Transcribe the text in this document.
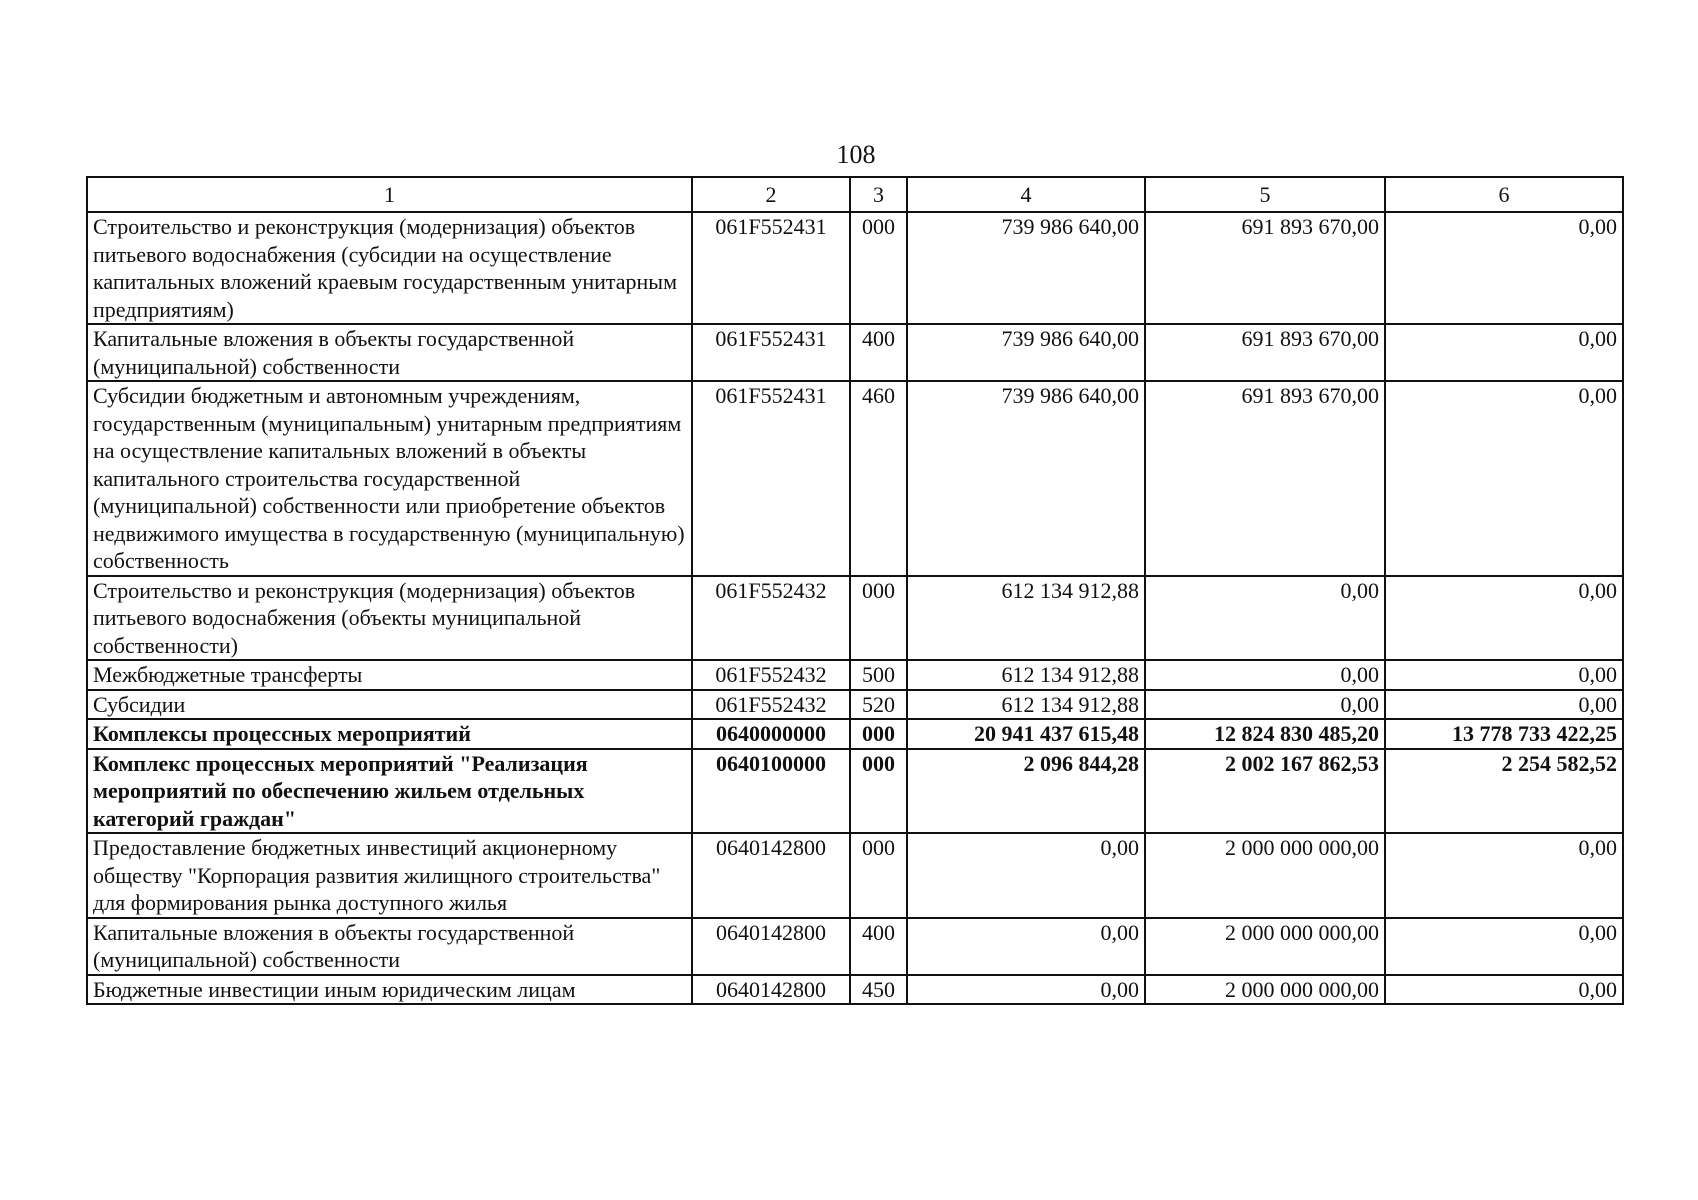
108
1	2	3	4	5	6
Строительство и реконструкция (модернизация) объектов питьевого водоснабжения (субсидии на осуществление капитальных вложений краевым государственным унитарным предприятиям)	061F552431	000	739 986 640,00	691 893 670,00	0,00
Капитальные вложения в объекты государственной (муниципальной) собственности	061F552431	400	739 986 640,00	691 893 670,00	0,00
Субсидии бюджетным и автономным учреждениям, государственным (муниципальным) унитарным предприятиям на осуществление капитальных вложений в объекты капитального строительства государственной (муниципальной) собственности или приобретение объектов недвижимого имущества в государственную (муниципальную) собственность	061F552431	460	739 986 640,00	691 893 670,00	0,00
Строительство и реконструкция (модернизация) объектов питьевого водоснабжения (объекты муниципальной собственности)	061F552432	000	612 134 912,88	0,00	0,00
Межбюджетные трансферты	061F552432	500	612 134 912,88	0,00	0,00
Субсидии	061F552432	520	612 134 912,88	0,00	0,00
Комплексы процессных мероприятий	0640000000	000	20 941 437 615,48	12 824 830 485,20	13 778 733 422,25
Комплекс процессных мероприятий "Реализация мероприятий по обеспечению жильем отдельных категорий граждан"	0640100000	000	2 096 844,28	2 002 167 862,53	2 254 582,52
Предоставление бюджетных инвестиций акционерному обществу "Корпорация развития жилищного строительства" для формирования рынка доступного жилья	0640142800	000	0,00	2 000 000 000,00	0,00
Капитальные вложения в объекты государственной (муниципальной) собственности	0640142800	400	0,00	2 000 000 000,00	0,00
Бюджетные инвестиции иным юридическим лицам	0640142800	450	0,00	2 000 000 000,00	0,00
